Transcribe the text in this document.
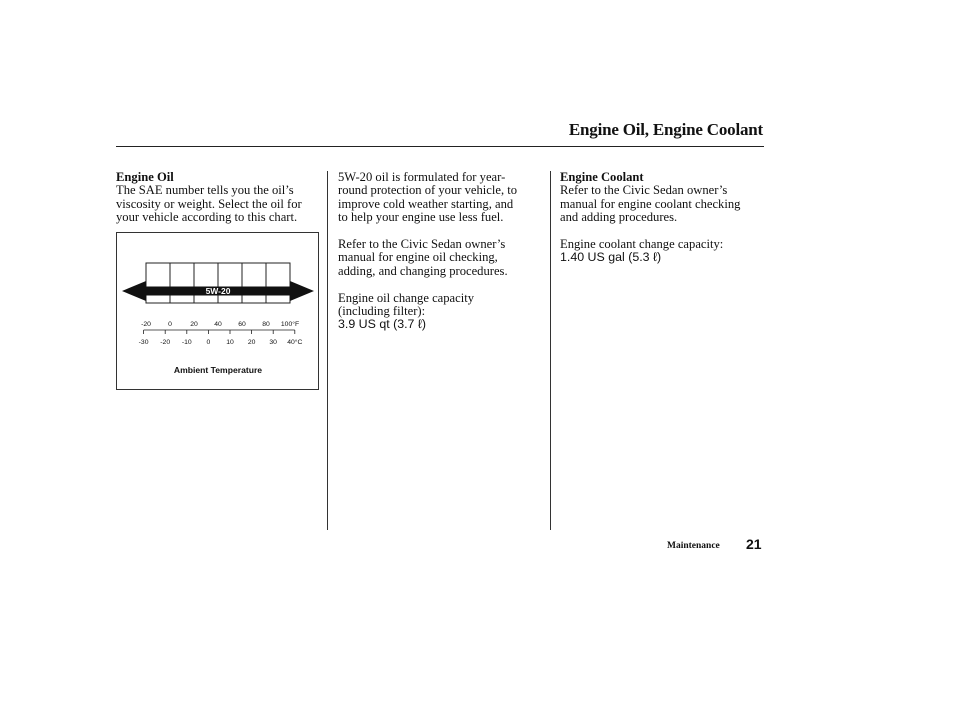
Engine Oil, Engine Coolant
Engine Oil
The SAE number tells you the oil’s
viscosity or weight. Select the oil for
your vehicle according to this chart.
5W-20
-20	0	20 40 60 80 100°F
-30 -20 -10 0 10 20 30 40°C
Ambient Temperature
5W-20 oil is formulated for year-
round protection of your vehicle, to
improve cold weather starting, and
to help your engine use less fuel.
Refer to the Civic Sedan owner’s
manual for engine oil checking,
adding, and changing procedures.
Engine oil change capacity
(including filter):
3.9 US qt (3.7 ℓ)
Engine Coolant
Refer to the Civic Sedan owner’s
manual for engine coolant checking
and adding procedures.
Engine coolant change capacity:
1.40 US gal (5.3 ℓ)
Maintenance 21
